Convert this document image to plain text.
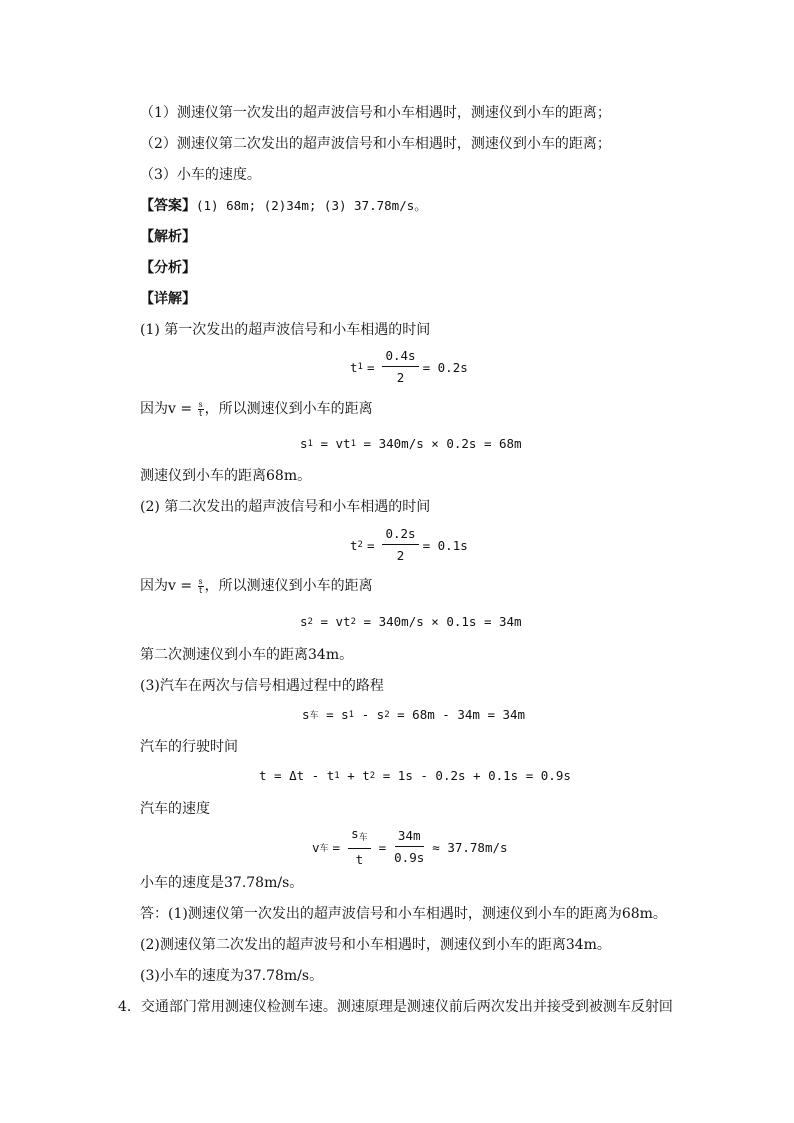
（1）测速仪第一次发出的超声波信号和小车相遇时，测速仪到小车的距离；
（2）测速仪第二次发出的超声波信号和小车相遇时，测速仪到小车的距离；
（3）小车的速度。
【答案】(1) 68m; (2)34m; (3) 37.78m/s。
【解析】
【分析】
【详解】
(1) 第一次发出的超声波信号和小车相遇的时间
t $1 = \frac{0.4s}{2} = 0.2s$
因为$v = \frac{s}{t}$ ，所以测速仪到小车的距离
s 1 = vt 1 = 340m/s × 0.2s = 68m
测速仪到小车的距离68m。
(2) 第二次发出的超声波信号和小车相遇的时间
t $2 = \frac{0.2s}{2} = 0.1s$
因为$v = \frac{s}{t}$ ，所以测速仪到小车的距离
s 2 = vt 2 = 340m/s × 0.1s = 34m
第二次测速仪到小车的距离34m。
(3)汽车在两次与信号相遇过程中的路程
s 车 = s 1 - s 2 = 68m - 34m = 34m
汽车的行驶时间
t = Δt - t 1 + t 2 = 1s - 0.2s + 0.1s = 0.9s
汽车的速度
v 车 = $\frac{\text{s车}}{t} = \frac{34m}{0.9s} \approx 37.78m/s$
小车的速度是37.78m/s。
答：(1)测速仪第一次发出的超声波信号和小车相遇时，测速仪到小车的距离为68m。
(2)测速仪第二次发出的超声波号和小车相遇时，测速仪到小车的距离34m。
(3)小车的速度为37.78m/s。
4．交通部门常用测速仪检测车速。测速原理是测速仪前后两次发出并接受到被测车反射回
